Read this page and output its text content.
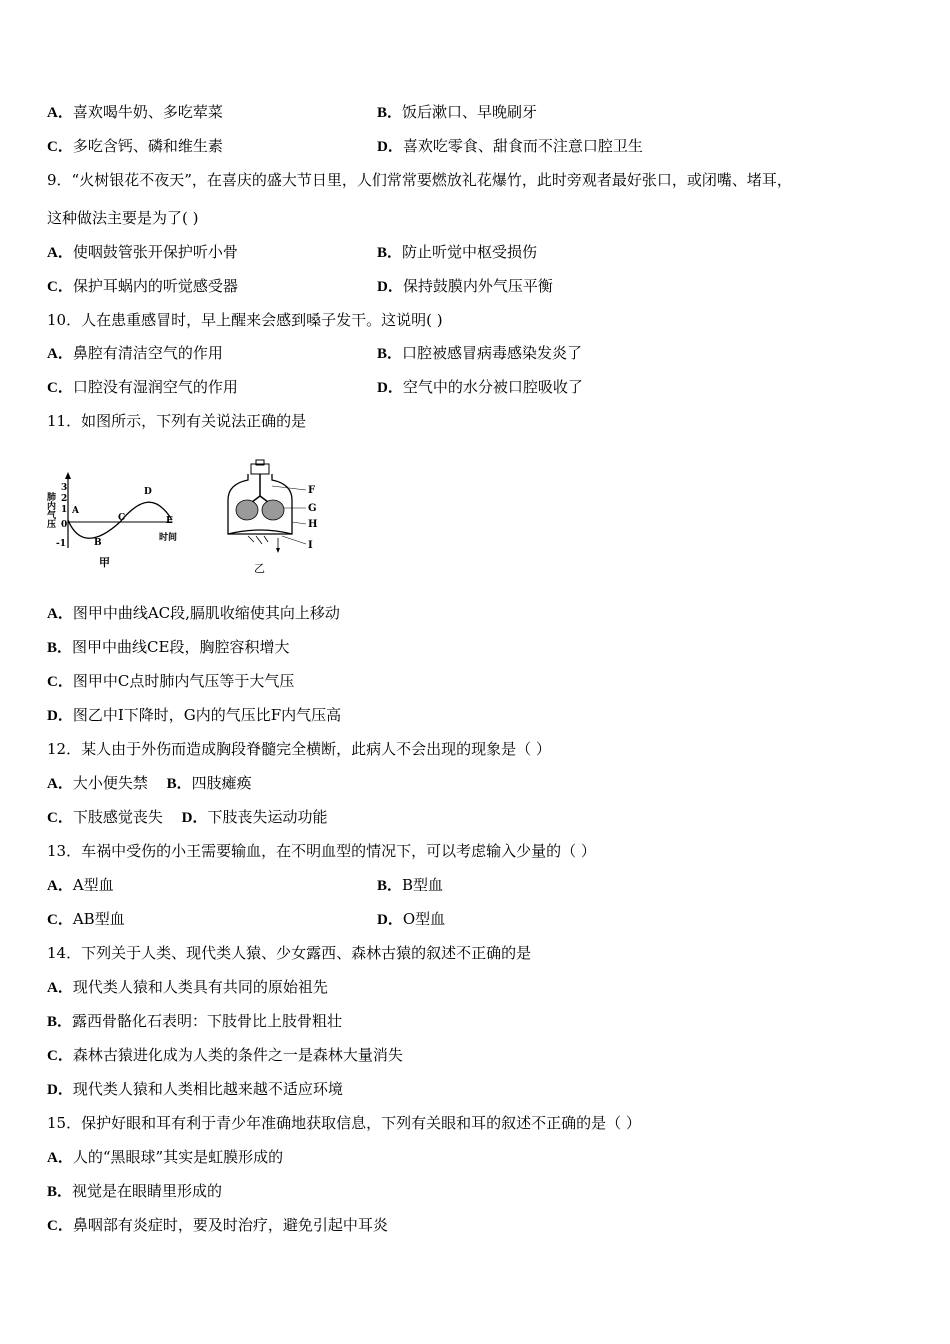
A．喜欢喝牛奶、多吃荤菜	B．饭后漱口、早晚刷牙
C．多吃含钙、磷和维生素	D．喜欢吃零食、甜食而不注意口腔卫生
9．“火树银花不夜天”，在喜庆的盛大节日里，人们常常要燃放礼花爆竹，此时旁观者最好张口，或闭嘴、堵耳，
这种做法主要是为了( )
A．使咽鼓管张开保护听小骨	B．防止听觉中枢受损伤
C．保护耳蜗内的听觉感受器	D．保持鼓膜内外气压平衡
10．人在患重感冒时，早上醒来会感到嗓子发干。这说明( )
A．鼻腔有清洁空气的作用	B．口腔被感冒病毒感染发炎了
C．口腔没有湿润空气的作用	D．空气中的水分被口腔吸收了
11．如图所示，下列有关说法正确的是
肺内气压
3
2
1
0
-1
A
B
C
D
E
时间
甲
F
G
H
I
乙
A．图甲中曲线AC段,膈肌收缩使其向上移动
B．图甲中曲线CE段，胸腔容积增大
C．图甲中C点时肺内气压等于大气压
D．图乙中I下降时，G内的气压比F内气压高
12．某人由于外伤而造成胸段脊髓完全横断，此病人不会出现的现象是（ ）
A．大小便失禁 B．四肢瘫痪
C．下肢感觉丧失 D．下肢丧失运动功能
13．车祸中受伤的小王需要输血，在不明血型的情况下，可以考虑输入少量的（ ）
A．A型血	B．B型血
C．AB型血	D．O型血
14．下列关于人类、现代类人猿、少女露西、森林古猿的叙述不正确的是
A．现代类人猿和人类具有共同的原始祖先
B．露西骨骼化石表明：下肢骨比上肢骨粗壮
C．森林古猿进化成为人类的条件之一是森林大量消失
D．现代类人猿和人类相比越来越不适应环境
15．保护好眼和耳有利于青少年准确地获取信息，下列有关眼和耳的叙述不正确的是（ ）
A．人的“黑眼球”其实是虹膜形成的
B．视觉是在眼睛里形成的
C．鼻咽部有炎症时，要及时治疗，避免引起中耳炎
